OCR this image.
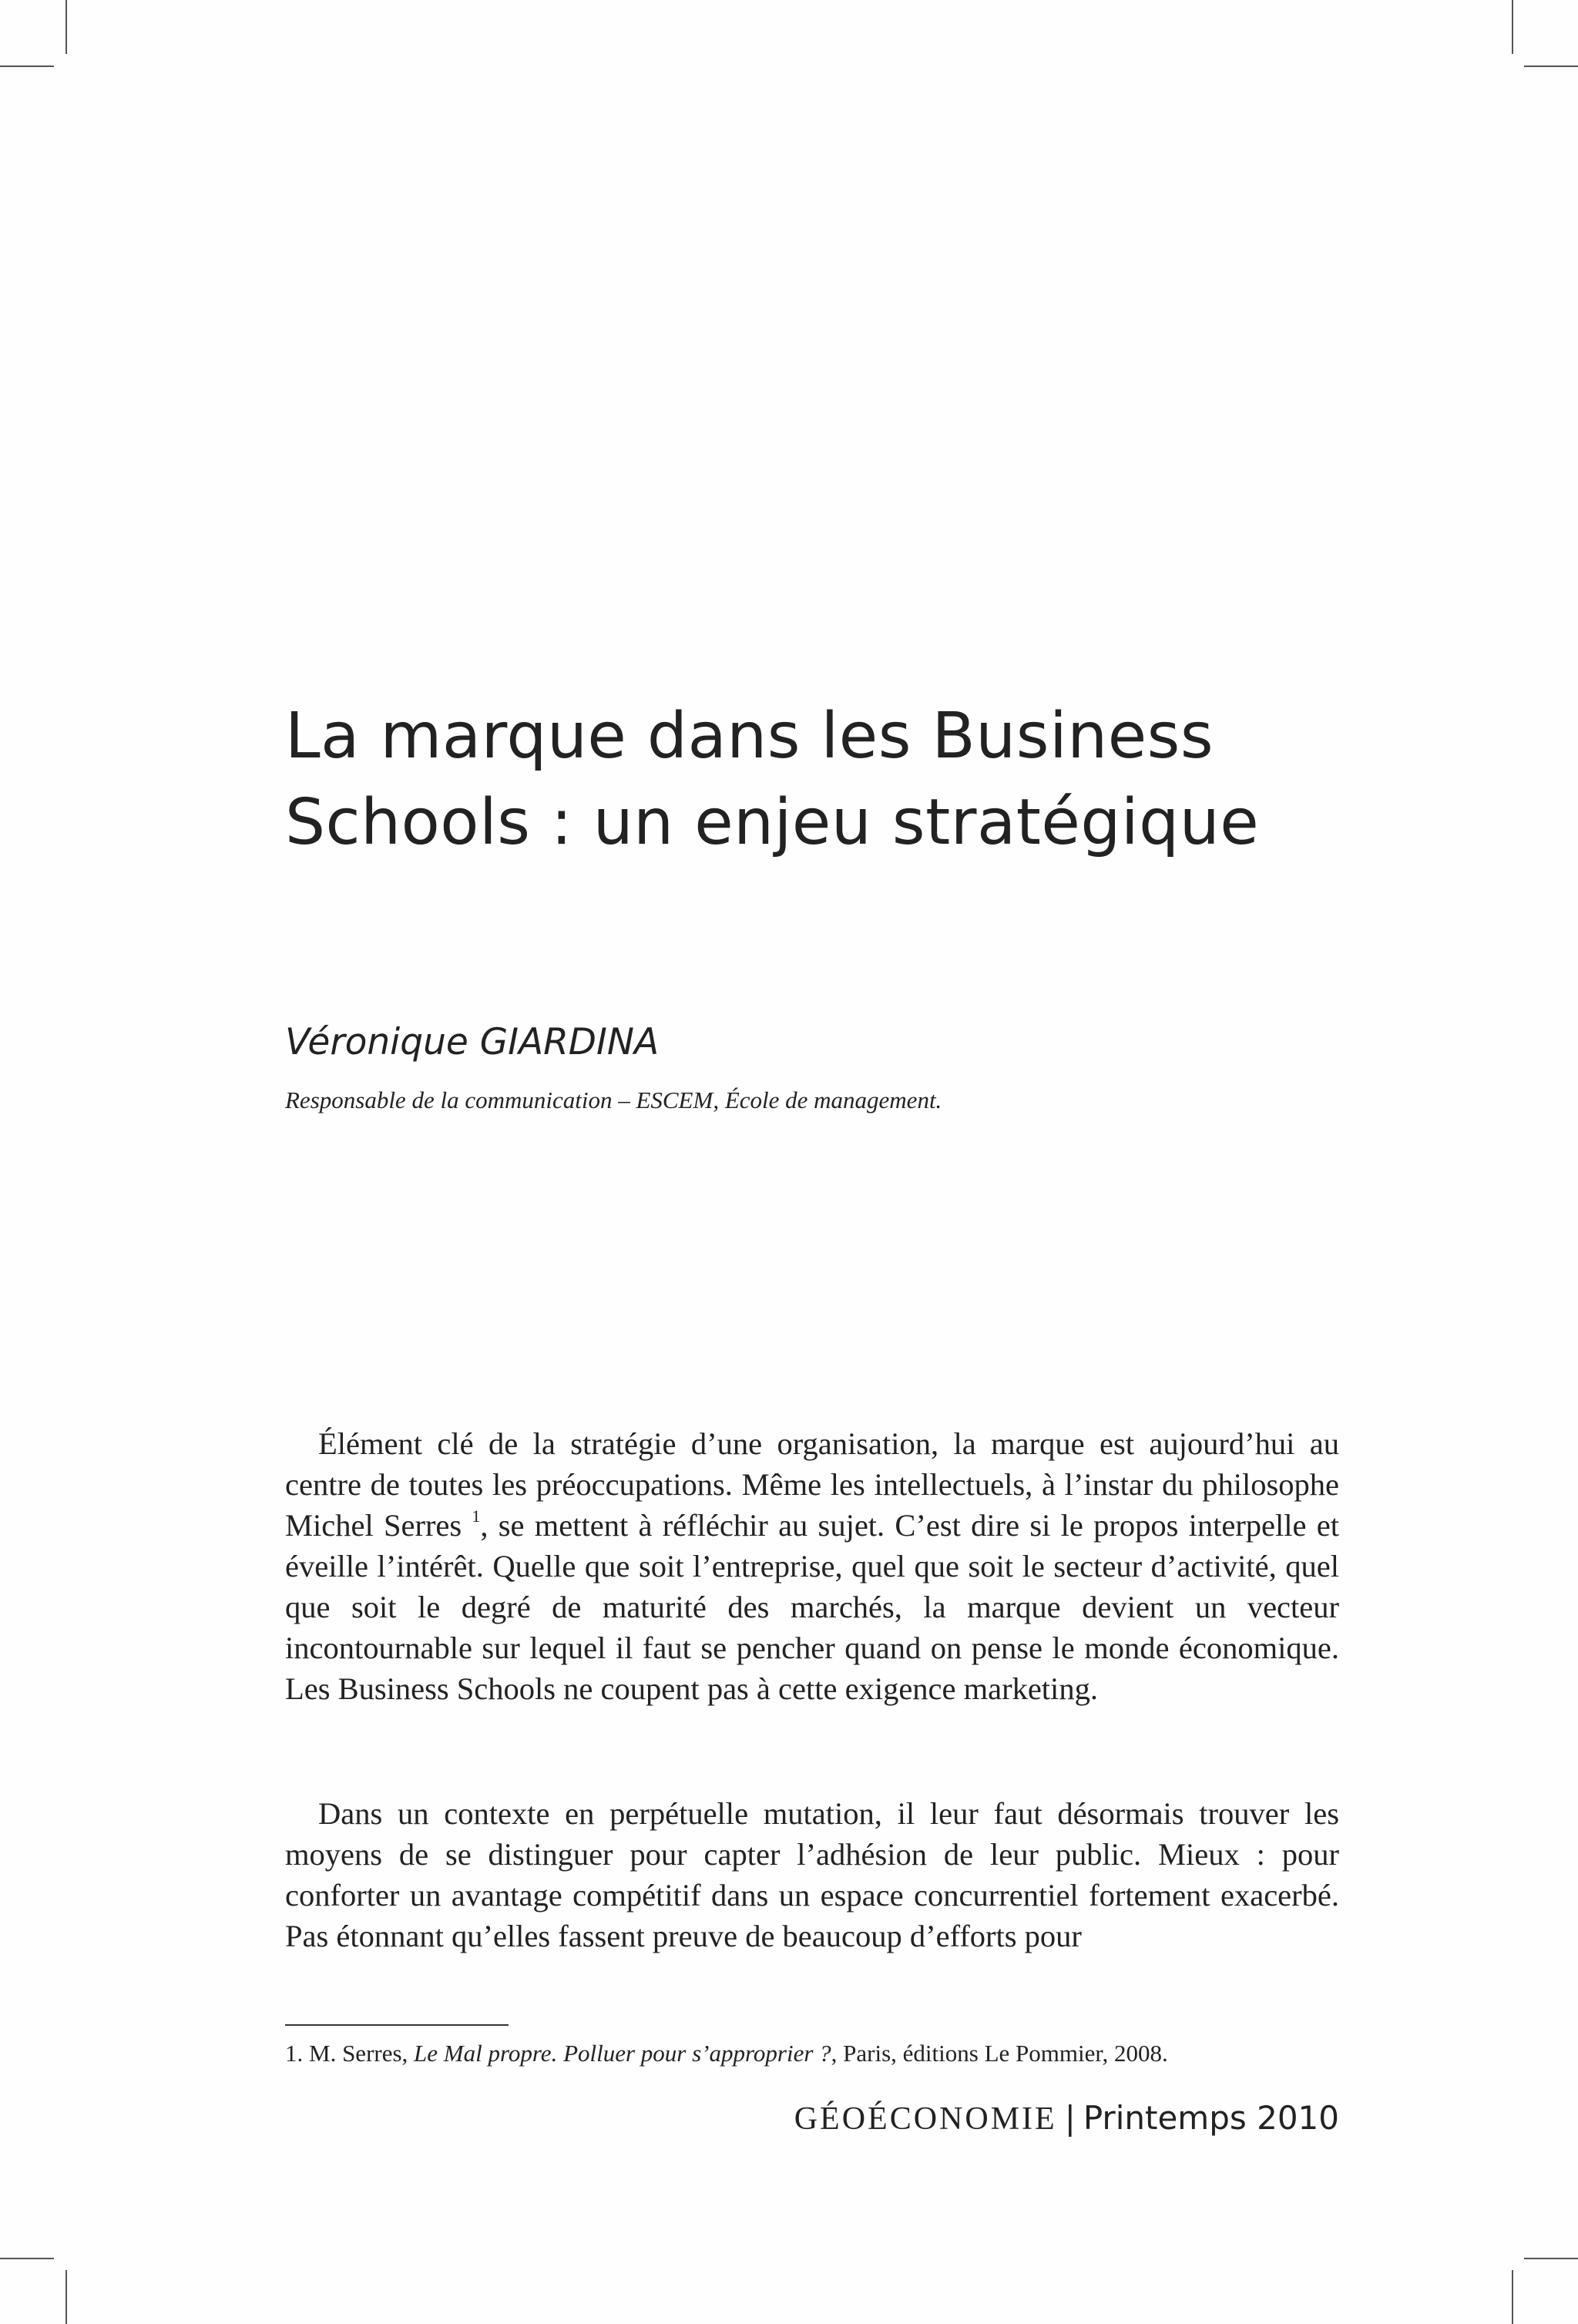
La marque dans les Business
Schools : un enjeu stratégique

Véronique GIARDINA

Responsable de la communication – ESCEM, École de management.

Élément clé de la stratégie d’une organisation, la marque est aujourd’hui au centre de toutes les préoccupations. Même les intellectuels, à l’instar du philosophe Michel Serres $^1$, se mettent à réfléchir au sujet. C’est dire si le propos interpelle et éveille l’intérêt. Quelle que soit l’entreprise, quel que soit le secteur d’activité, quel que soit le degré de maturité des marchés, la marque devient un vecteur incontournable sur lequel il faut se pencher quand on pense le monde économique. Les Business Schools ne coupent pas à cette exigence marketing.

Dans un contexte en perpétuelle mutation, il leur faut désormais trouver les moyens de se distinguer pour capter l’adhésion de leur public. Mieux : pour conforter un avantage compétitif dans un espace concurrentiel fortement exacerbé. Pas étonnant qu’elles fassent preuve de beaucoup d’efforts pour

1. M. Serres, Le Mal propre. Polluer pour s’approprier ?, Paris, éditions Le Pommier, 2008.

GÉOÉCONOMIE | Printemps 2010
